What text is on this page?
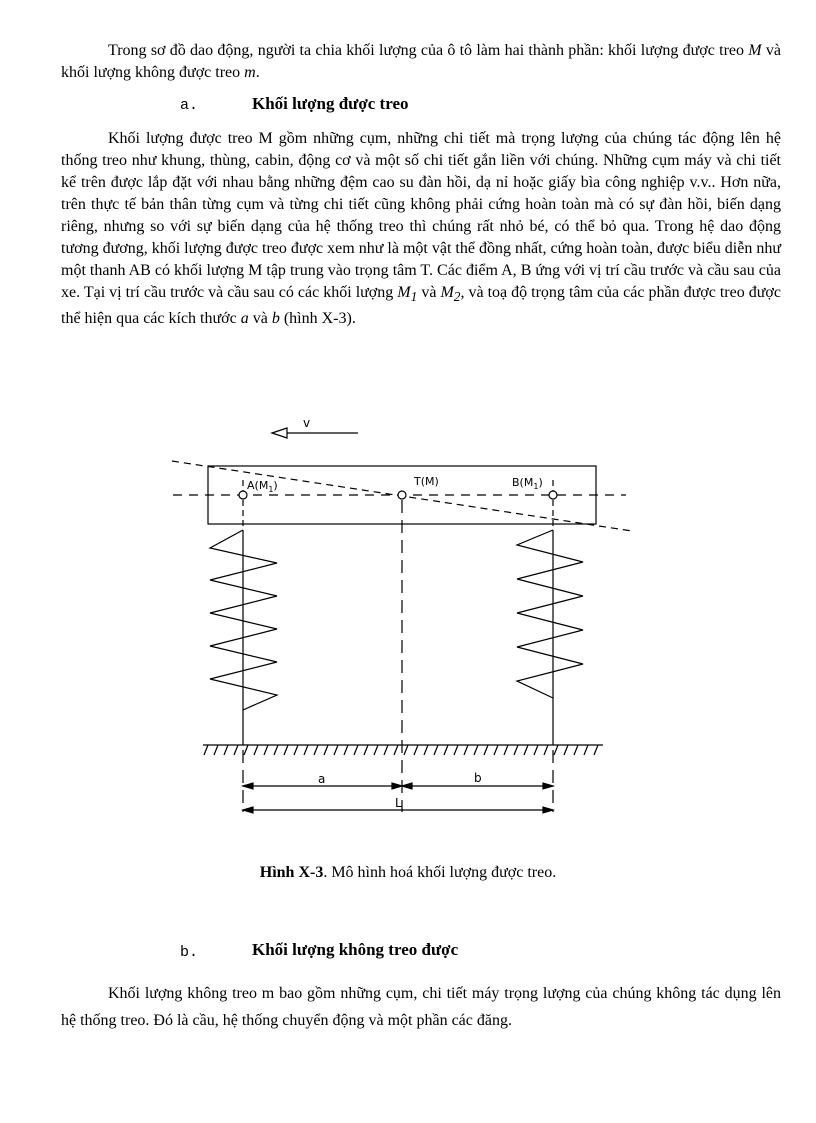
Trong sơ đồ dao động, người ta chia khối lượng của ô tô làm hai thành phần: khối lượng được treo M và khối lượng không được treo m.

a.	Khối lượng được treo

Khối lượng được treo M gồm những cụm, những chi tiết mà trọng lượng của chúng tác động lên hệ thống treo như khung, thùng, cabin, động cơ và một số chi tiết gắn liền với chúng. Những cụm máy và chi tiết kể trên được lắp đặt với nhau bằng những đệm cao su đàn hồi, dạ nỉ hoặc giấy bìa công nghiệp v.v.. Hơn nữa, trên thực tế bản thân từng cụm và từng chi tiết cũng không phải cứng hoàn toàn mà có sự đàn hồi, biến dạng riêng, nhưng so với sự biến dạng của hệ thống treo thì chúng rất nhỏ bé, có thể bỏ qua. Trong hệ dao động tương đương, khối lượng được treo được xem như là một vật thể đồng nhất, cứng hoàn toàn, được biểu diễn như một thanh AB có khối lượng M tập trung vào trọng tâm T. Các điểm A, B ứng với vị trí cầu trước và cầu sau của xe. Tại vị trí cầu trước và cầu sau có các khối lượng $M_1$ và $M_2$, và toạ độ trọng tâm của các phần được treo được thể hiện qua các kích thước a và b (hình X-3).

v
$A(M_1)$	T(M)	$B(M_1)$
a	b
L
Hình X-3. Mô hình hoá khối lượng được treo.
b.	Khối lượng không treo được

Khối lượng không treo m bao gồm những cụm, chi tiết máy trọng lượng của chúng không tác dụng lên hệ thống treo. Đó là cầu, hệ thống chuyển động và một phần các đăng.
